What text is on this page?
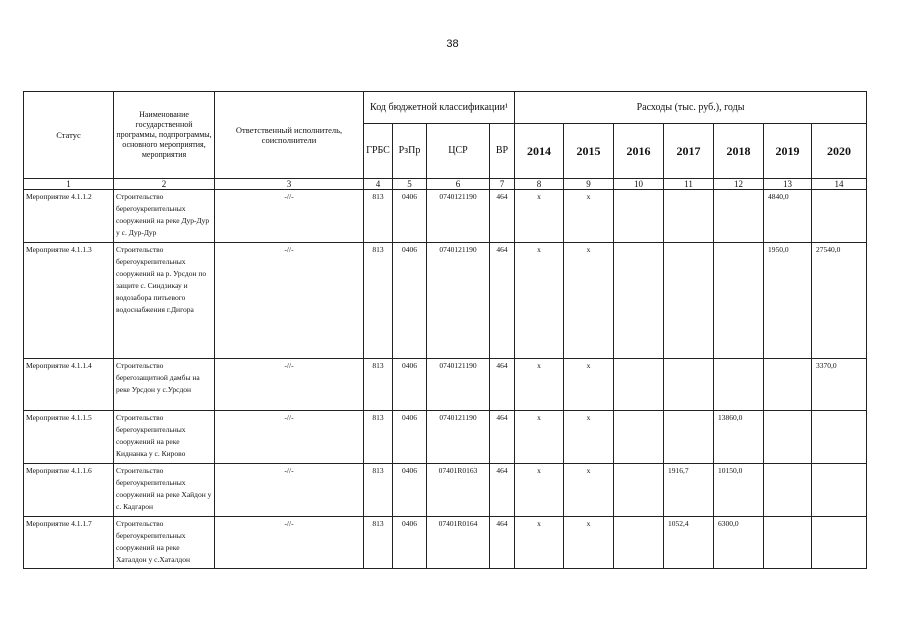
38
Статус	Наименование государственной программы, подпрограммы, основного мероприятия, мероприятия	Ответственный исполнитель, соисполнители	Код бюджетной классификации¹				Расходы (тыс. руб.), годы						
			ГРБС	РзПр	ЦСР	ВР	2014	2015	2016	2017	2018	2019	2020
1	2	3	4	5	6	7	8	9	10	11	12	13	14
Мероприятие 4.1.1.2	Строительство берегоукрепительных сооружений на реке Дур-Дур у с. Дур-Дур	-//-	813	0406	0740121190	464	x	x				4840,0	
Мероприятие 4.1.1.3	Строительство берегоукрепительных сооружений на р. Урсдон по защите с. Синдзикау и водозабора питьевого водоснабжения г.Дигора	-//-	813	0406	0740121190	464	x	x				1950,0	27540,0
Мероприятие 4.1.1.4	Строительство берегозащитной дамбы на реке Урсдон у с.Урсдон	-//-	813	0406	0740121190	464	x	x					3370,0
Мероприятие 4.1.1.5	Строительство берегоукрепительных сооружений на реке Киднанка у с. Кирово	-//-	813	0406	0740121190	464	x	x			13860,0		
Мероприятие 4.1.1.6	Строительство берегоукрепительных сооружений на реке Хайдон у с. Кадгарон	-//-	813	0406	07401R0163	464	x	x		1916,7	10150,0		
Мероприятие 4.1.1.7	Строительство берегоукрепительных сооружений на реке Хаталдон у с.Хаталдон	-//-	813	0406	07401R0164	464	x	x		1052,4	6300,0		
